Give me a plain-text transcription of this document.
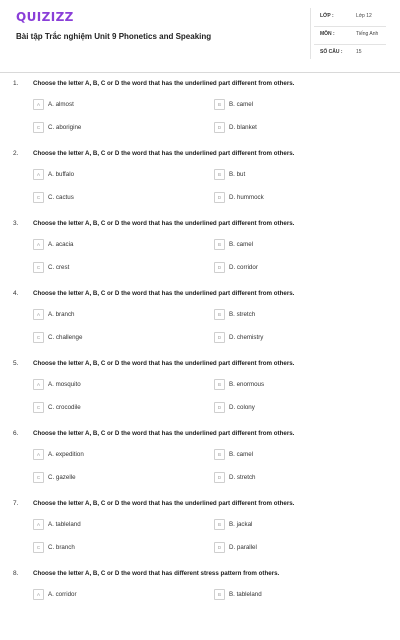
QUIZIZZ
Bài tập Trắc nghiệm Unit 9 Phonetics and Speaking
LỚP :	Lớp 12
MÔN :	Tiếng Anh
SỐ CÂU :	15
1. Choose the letter A, B, C or D the word that has the underlined part different from others.
A	A. almost	B	B. camel
C	C. aborigine	D	D. blanket
2. Choose the letter A, B, C or D the word that has the underlined part different from others.
A	A. buffalo	B	B. but
C	C. cactus	D	D. hummock
3. Choose the letter A, B, C or D the word that has the underlined part different from others.
A	A. acacia	B	B. camel
C	C. crest	D	D. corridor
4. Choose the letter A, B, C or D the word that has the underlined part different from others.
A	A. branch	B	B. stretch
C	C. challenge	D	D. chemistry
5. Choose the letter A, B, C or D the word that has the underlined part different from others.
A	A. mosquito	B	B. enormous
C	C. crocodile	D	D. colony
6. Choose the letter A, B, C or D the word that has the underlined part different from others.
A	A. expedition	B	B. camel
C	C. gazelle	D	D. stretch
7. Choose the letter A, B, C or D the word that has the underlined part different from others.
A	A. tableland	B	B. jackal
C	C. branch	D	D. parallel
8. Choose the letter A, B, C or D the word that has different stress pattern from others.
A	A. corridor	B	B. tableland
